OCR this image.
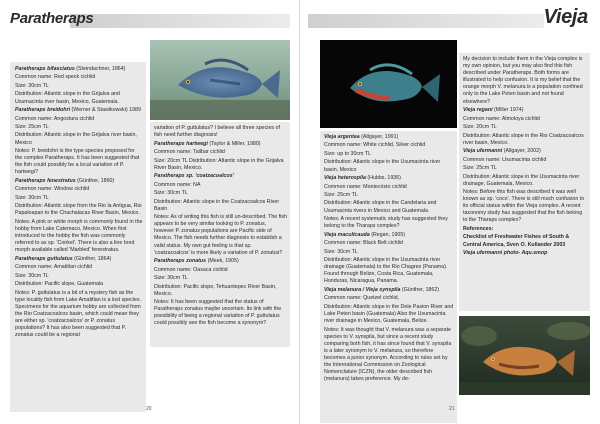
Paratheraps	Vieja

Paratheraps bifasciatus (Steindachner, 1864)

Common name: Red speck cichlid

Size: 30cm TL

Distribution: Atlantic slope in the Grijalva and Usumacinta river basin, Mexico, Guatemala.

Paratheraps breidohri (Werner & Stawikowski) 1989

Common name: Angostura cichlid

Size: 25cm TL

Distribution: Atlantic slope in the Grijalva river basin, Mexico

Notes: P. breidohri is the type species proposed for the complex Paratheraps. It has been suggested that the fish could possibly be a local variation of P. hartwegi?

Paratheraps fenestratus (Günther, 1860)

Common name: Window cichlid

Size: 30cm TL

Distribution: Atlantic slope from the Rio la Antigua, Rio Papaloapan to the Chachalacas River Basin, Mexico.

Notes: A pink or white morph is commonly found in the hobby from Lake Catemaco, Mexico. When first introduced to the hobby the fish was commonly referred to as sp. 'Conkel'. There is also a line bred morph available called 'Marbled' fenestratus.

Paratheraps guttulatus (Günther, 1864)

Common name: Amatitlan cichlid

Size: 30cm TL

Distribution: Pacific slope, Guatemala

Notes: P. guttulatus is a bit of a mystery fish as the type locality fish from Lake Amatitlan is a lost species. Specimens for the aquarium hobby are collected from the Rio Coatzacoalcos basin, which could mean they are either sp. 'coatzacoalcos' or P. zonatus populations? It has also been suggested that P. zonatus could be a regional

variation of P. guttulatus? I believe all three species of fish need further diagnosis!

Paratheraps hartwegi (Taylor & Miller, 1980)

Common name: Tailbar cichlid

Size: 20cm TL Distribution: Atlantic slope in the Grijalva River Basin, Mexico.

Paratheraps sp. 'coatzacoalcos'

Common name: NA

Size: 30cm TL

Distribution: Atlantic slope in the Coatzacoalcos River Basin

Notes: As of writing this fish is still un-described. The fish appears to be very similar looking to P. zonatus, however P. zonatus populations are Pacific side of Mexico. The fish needs further diagnosis to establish a valid status. My own gut feeling is that sp. 'coatzacoalcos' is more likely a variation of P. zonatus?

Paratheraps zonatus (Meek, 1905)

Common name: Oaxaca cichlid

Size: 30cm TL

Distribution: Pacific slope, Tehuantepec River Basin, Mexico.

Notes: It has been suggested that the status of Paratheraps zonatus maybe uncertain. Its link with the possibility of being a regional variation of P. guttulatus could possibly see the fish become a synonym?

Vieja argentea (Allgayer, 1991)

Common name: White cichlid, Silver cichlid

Size: up to 30cm TL

Distribution: Atlantic slope in the Usumacinta river basin, Mexico

Vieja heterospila (Hubbs, 1936)

Common name: Montecristo cichlid

Size: 25cm TL

Distribution: Atlantic slope in the Candelaria and Usumacinta rivers in Mexico and Guatemala.

Notes: A recent systematic study has suggested they belong to the Tharaps complex?

Vieja maculicauda (Regan, 1905)

Common name: Black Belt cichlid

Size: 30cm TL

Distribution: Atlantic slope in the Usumacinta river drainage (Guatemala) to the Rio Chagres (Panama). Found through Belize, Costa Rica, Guatemala, Honduras, Nicaragua, Panama.

Vieja melanura / Vieja synspila (Günther, 1862)

Common name: Quetzel cichlid,

Distribution: Atlantic slope in the Dele Pasion River and Lake Peten basin (Guatemala) Also the Usumacinta river drainage in Mexico, Guatemala, Belize.

Notes: It was thought that V. melanura was a separate species to V. synspila, but since a recent study comparing both fish, it has since found that V. synspila is a later synonym to V. melanura, so therefore becomes a junior synonym. According to rules set by the International Commission on Zoological Nomenclature (ICZN), the older described fish (melanura) takes preference. My de-

My decision to include them in the Vieja complex is my own opinion, but you may also find this fish described under Paratheraps. Both forms are illustrated to help confusion. It is my belief that the orange morph V. melanura is a population confined only to the Lake Peten basin and not found elsewhere?

Vieja regani (Miller 1974)

Common name: Almoloya cichlid

Size: 20cm TL

Distribution: Atlantic slope in the Rio Coatzacoalcos river basin, Mexico.

Vieja ufermanni (Allgayer, 2002)

Common name: Usumacinta cichlid

Size: 25cm TL

Distribution: Atlantic slope in the Usumacinta river drainage, Guatemala, Mexico.

Notes: Before this fish was described it was well known as sp. 'coco'. There is still much confusion to its official status within the Vieja complex. A recent taxonomy study has suggested that the fish belong to the Tharaps complex?

References:

Checklist of Freshwater Fishes of South & Central America, Sven O. Kullander 2003

Vieja ufermanni photo- Aqu.smop

20	21
